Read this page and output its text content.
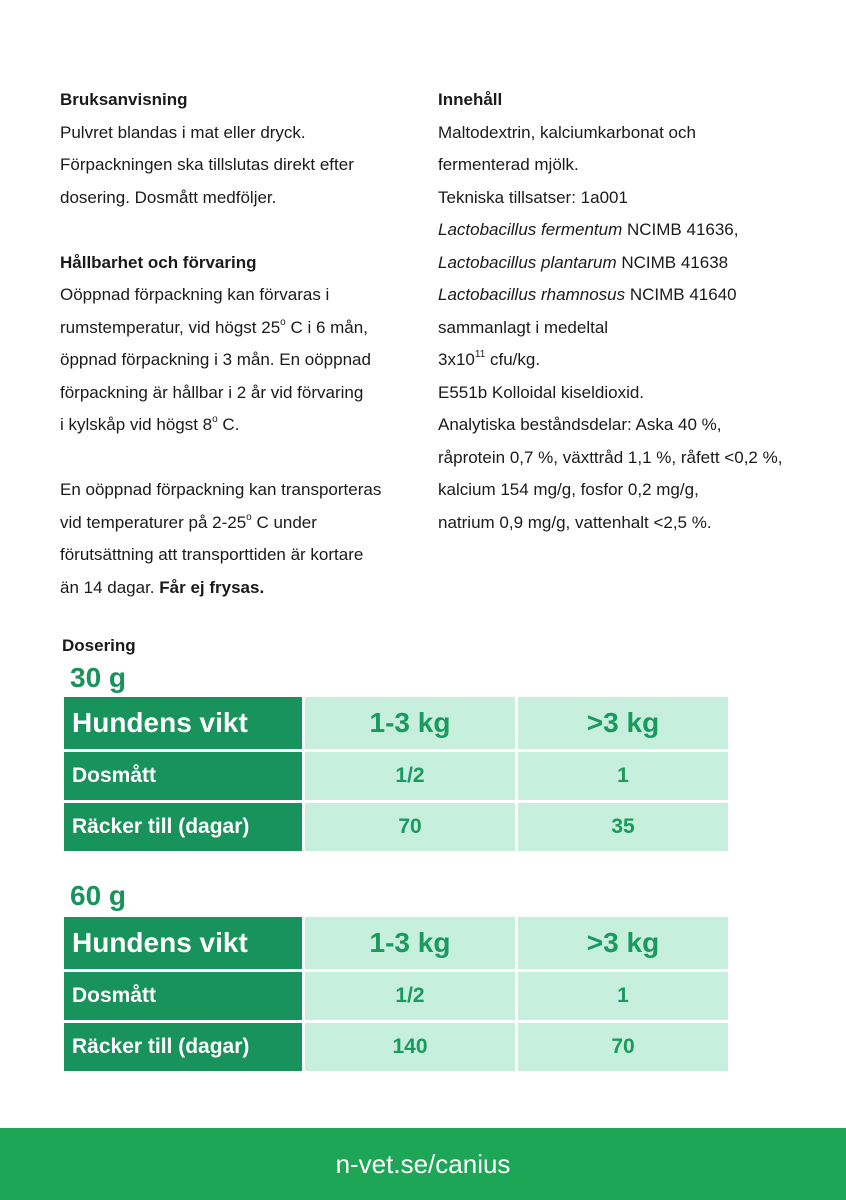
Bruksanvisning
Pulvret blandas i mat eller dryck.
Förpackningen ska tillslutas direkt efter
dosering. Dosmått medföljer.
Hållbarhet och förvaring
Oöppnad förpackning kan förvaras i
rumstemperatur, vid högst 25$^o$ C i 6 mån,
öppnad förpackning i 3 mån. En oöppnad
förpackning är hållbar i 2 år vid förvaring
i kylskåp vid högst 8$^o$ C.
En oöppnad förpackning kan transporteras
vid temperaturer på 2-25$^o$ C under
förutsättning att transporttiden är kortare
än 14 dagar. Får ej frysas.
Innehåll
Maltodextrin, kalciumkarbonat och
fermenterad mjölk.
Tekniska tillsatser: 1a001
Lactobacillus fermentum NCIMB 41636,
Lactobacillus plantarum NCIMB 41638
Lactobacillus rhamnosus NCIMB 41640
sammanlagt i medeltal
$3x10^{11}$ cfu/kg.
E551b Kolloidal kiseldioxid.
Analytiska beståndsdelar: Aska 40 %,
råprotein 0,7 %, växttråd 1,1 %, råfett <0,2 %,
kalcium 154 mg/g, fosfor 0,2 mg/g,
natrium 0,9 mg/g, vattenhalt <2,5 %.
Dosering
30 g
Hundens vikt	1-3 kg	>3 kg
Dosmått	1/2	1
Räcker till (dagar)	70	35
60 g
Hundens vikt	1-3 kg	>3 kg
Dosmått	1/2	1
Räcker till (dagar)	140	70
n-vet.se/canius
